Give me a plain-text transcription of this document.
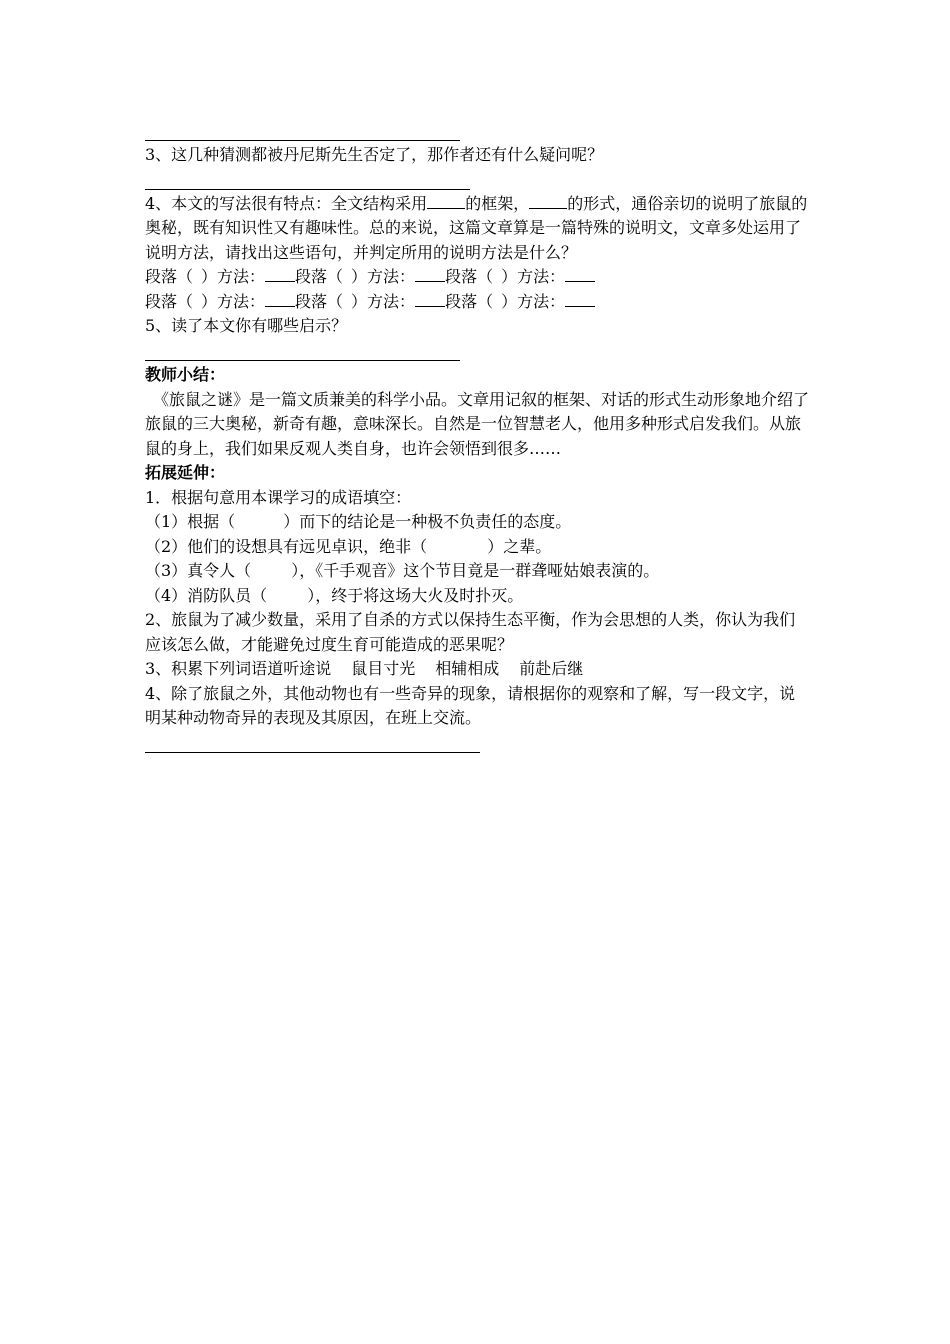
3、这几种猜测都被丹尼斯先生否定了，那作者还有什么疑问呢？

4、本文的写法很有特点：全文结构采用 的框架， 的形式，通俗亲切的说明了旅鼠的奥秘，既有知识性又有趣味性。总的来说，这篇文章算是一篇特殊的说明文，文章多处运用了说明方法，请找出这些语句，并判定所用的说明方法是什么？

段落（ ）方法： 段落（ ）方法： 段落（ ）方法：

段落（ ）方法： 段落（ ）方法： 段落（ ）方法：

5、读了本文你有哪些启示？

教师小结：

《旅鼠之谜》是一篇文质兼美的科学小品。文章用记叙的框架、对话的形式生动形象地介绍了旅鼠的三大奥秘，新奇有趣，意味深长。自然是一位智慧老人，他用多种形式启发我们。从旅鼠的身上，我们如果反观人类自身，也许会领悟到很多……

拓展延伸：

1．根据句意用本课学习的成语填空：

（1）根据（	）而下的结论是一种极不负责任的态度。

（2）他们的设想具有远见卓识，绝非（	）之辈。

（3）真令人（	），《千手观音》这个节目竟是一群聋哑姑娘表演的。

（4）消防队员（	），终于将这场大火及时扑灭。

2、旅鼠为了减少数量，采用了自杀的方式以保持生态平衡，作为会思想的人类，你认为我们应该怎么做，才能避免过度生育可能造成的恶果呢？

3、积累下列词语道听途说 鼠目寸光 相辅相成 前赴后继

4、除了旅鼠之外，其他动物也有一些奇异的现象，请根据你的观察和了解，写一段文字，说明某种动物奇异的表现及其原因，在班上交流。
